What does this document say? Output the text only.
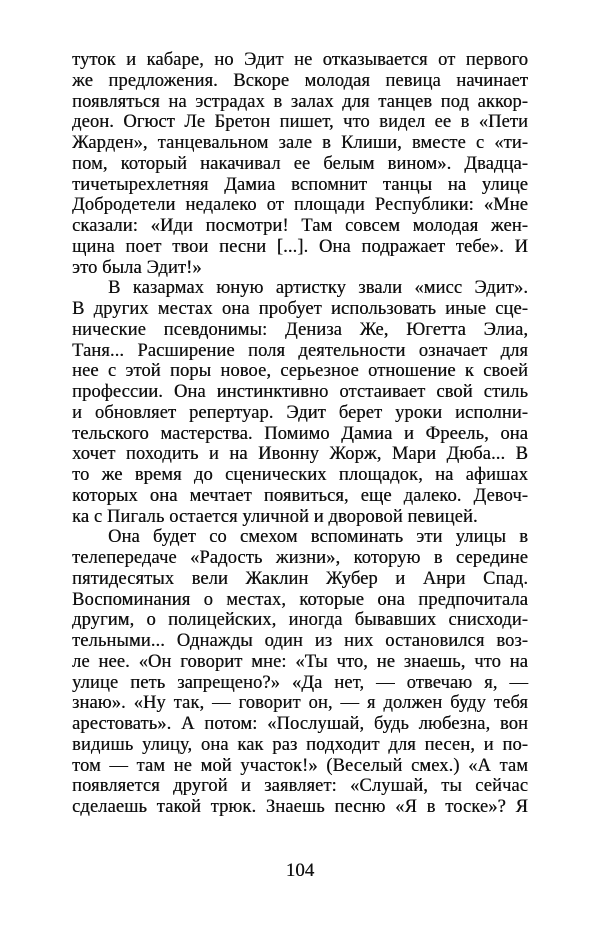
туток и кабаре, но Эдит не отказывается от первого
же предложения. Вскоре молодая певица начинает
появляться на эстрадах в залах для танцев под аккор-
деон. Огюст Ле Бретон пишет, что видел ее в «Пети
Жарден», танцевальном зале в Клиши, вместе с «ти-
пом, который накачивал ее белым вином». Двадца-
тичетырехлетняя Дамиа вспомнит танцы на улице
Добродетели недалеко от площади Республики: «Мне
сказали: «Иди посмотри! Там совсем молодая жен-
щина поет твои песни [...]. Она подражает тебе». И
это была Эдит!»
В казармах юную артистку звали «мисс Эдит».
В других местах она пробует использовать иные сце-
нические псевдонимы: Дениза Же, Югетта Элиа,
Таня... Расширение поля деятельности означает для
нее с этой поры новое, серьезное отношение к своей
профессии. Она инстинктивно отстаивает свой стиль
и обновляет репертуар. Эдит берет уроки исполни-
тельского мастерства. Помимо Дамиа и Фреель, она
хочет походить и на Ивонну Жорж, Мари Дюба... В
то же время до сценических площадок, на афишах
которых она мечтает появиться, еще далеко. Девоч-
ка с Пигаль остается уличной и дворовой певицей.
Она будет со смехом вспоминать эти улицы в
телепередаче «Радость жизни», которую в середине
пятидесятых вели Жаклин Жубер и Анри Спад.
Воспоминания о местах, которые она предпочитала
другим, о полицейских, иногда бывавших снисходи-
тельными... Однажды один из них остановился воз-
ле нее. «Он говорит мне: «Ты что, не знаешь, что на
улице петь запрещено?» «Да нет, — отвечаю я, —
знаю». «Ну так, — говорит он, — я должен буду тебя
арестовать». А потом: «Послушай, будь любезна, вон
видишь улицу, она как раз подходит для песен, и по-
том — там не мой участок!» (Веселый смех.) «А там
появляется другой и заявляет: «Слушай, ты сейчас
сделаешь такой трюк. Знаешь песню «Я в тоске»? Я
104
